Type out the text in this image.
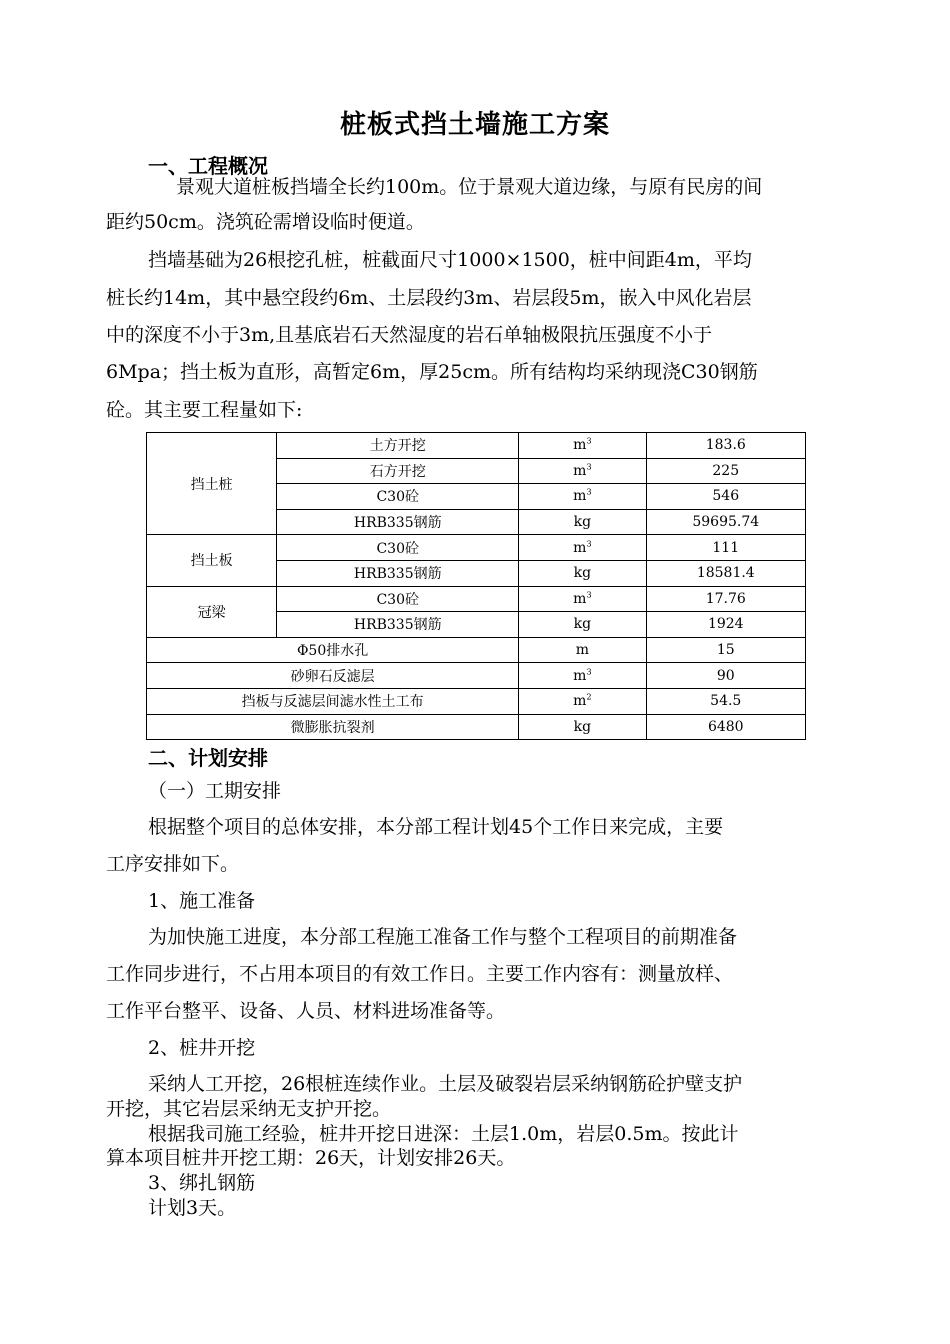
桩板式挡土墙施工方案
一、工程概况
景观大道桩板挡墙全长约100m。位于景观大道边缘，与原有民房的间
距约50cm。浇筑砼需增设临时便道。
挡墙基础为26根挖孔桩，桩截面尺寸1000×1500，桩中间距4m，平均
桩长约14m，其中悬空段约6m、土层段约3m、岩层段5m，嵌入中风化岩层
中的深度不小于3m,且基底岩石天然湿度的岩石单轴极限抗压强度不小于
6Mpa；挡土板为直形，高暂定6m，厚25cm。所有结构均采纳现浇C30钢筋
砼。其主要工程量如下:
挡土桩	土方开挖	$m^3$	183.6
	石方开挖	$m^3$	225
	C30砼	$m^3$	546
	HRB335钢筋	kg	59695.74
挡土板	C30砼	$m^3$	111
	HRB335钢筋	kg	18581.4
冠梁	C30砼	$m^3$	17.76
	HRB335钢筋	kg	1924
Φ50排水孔		m	15
砂卵石反滤层		$m^3$	90
挡板与反滤层间滤水性土工布		$m^2$	54.5
微膨胀抗裂剂		kg	6480
二、计划安排
（一）工期安排
根据整个项目的总体安排，本分部工程计划45个工作日来完成，主要
工序安排如下。
1、施工准备
为加快施工进度，本分部工程施工准备工作与整个工程项目的前期准备
工作同步进行，不占用本项目的有效工作日。主要工作内容有：测量放样、
工作平台整平、设备、人员、材料进场准备等。
2、桩井开挖
采纳人工开挖，26根桩连续作业。土层及破裂岩层采纳钢筋砼护壁支护
开挖，其它岩层采纳无支护开挖。
根据我司施工经验，桩井开挖日进深：土层1.0m，岩层0.5m。按此计
算本项目桩井开挖工期：26天，计划安排26天。
3、绑扎钢筋
计划3天。
